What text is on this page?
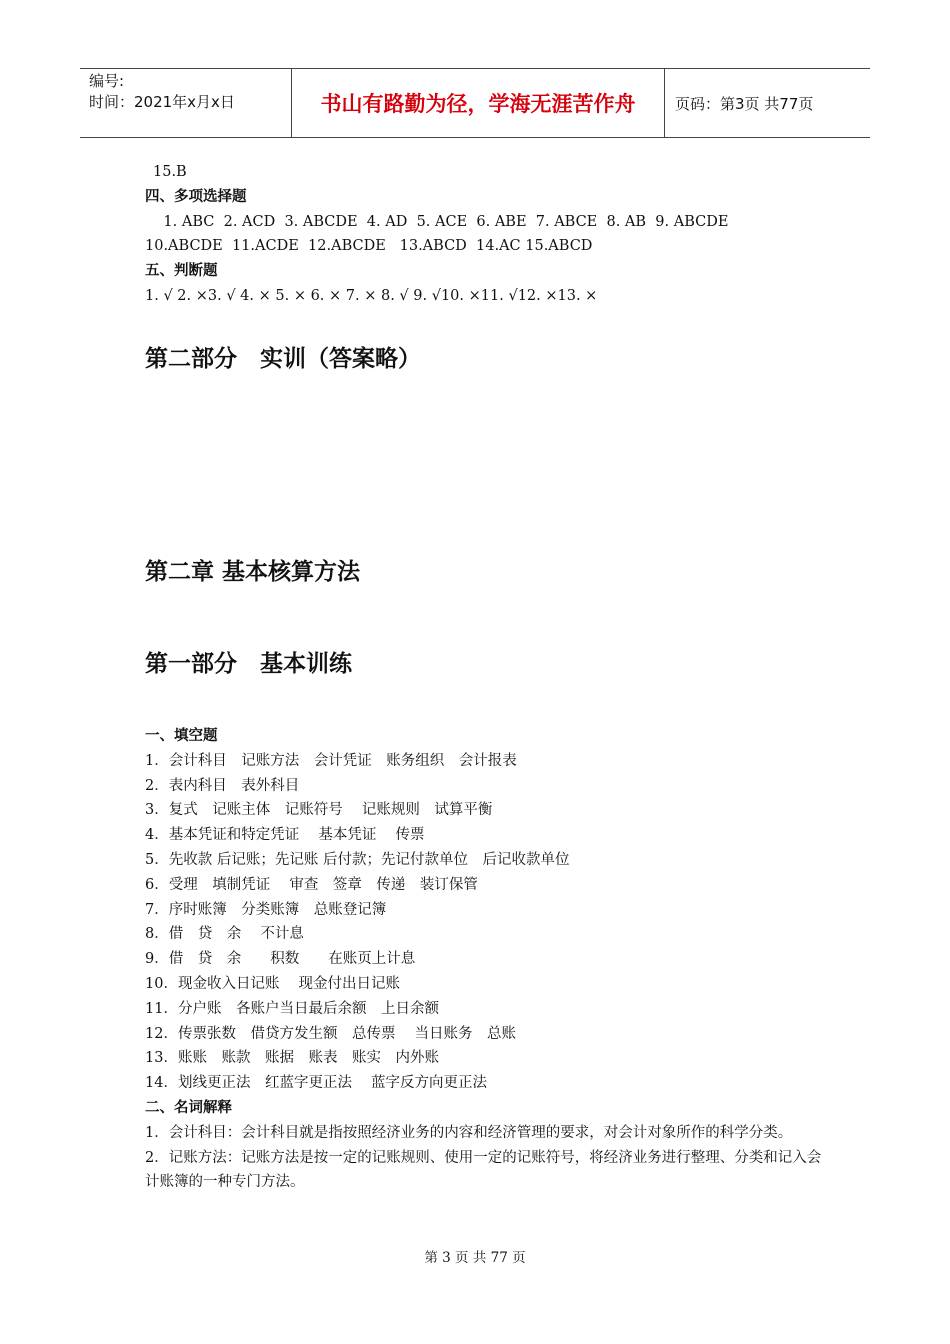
编号:
时间：2021年x月x日	书山有路勤为径，学海无涯苦作舟	页码：第3页 共77页
15.B
四、多项选择题
1. ABC  2. ACD  3. ABCDE  4. AD  5. ACE  6. ABE  7. ABCE  8. AB  9. ABCDE
10.ABCDE  11.ACDE  12.ABCDE   13.ABCD  14.AC 15.ABCD
五、判断题
1. √ 2. ×3. √ 4. × 5. × 6. × 7. × 8. √ 9. √10. ×11. √12. ×13. ×
第二部分　实训（答案略）
第二章 基本核算方法
第一部分　基本训练
一、填空题
1．会计科目　记账方法　会计凭证　账务组织　会计报表
2．表内科目　表外科目
3．复式　记账主体　记账符号　 记账规则　试算平衡
4．基本凭证和特定凭证　 基本凭证　 传票
5．先收款 后记账；先记账 后付款；先记付款单位　后记收款单位
6．受理　填制凭证　 审查　签章　传递　装订保管
7．序时账簿　分类账簿　总账登记簿
8．借　贷　余　 不计息
9．借　贷　余　　积数　　在账页上计息
10．现金收入日记账　 现金付出日记账
11．分户账　各账户当日最后余额　上日余额
12．传票张数　借贷方发生额　总传票　 当日账务　总账
13．账账　账款　账据　账表　账实　内外账
14．划线更正法　红蓝字更正法　 蓝字反方向更正法
二、名词解释
1．会计科目：会计科目就是指按照经济业务的内容和经济管理的要求，对会计对象所作的科学分类。
2．记账方法：记账方法是按一定的记账规则、使用一定的记账符号，将经济业务进行整理、分类和记入会计账簿的一种专门方法。
第 3 页 共 77 页
